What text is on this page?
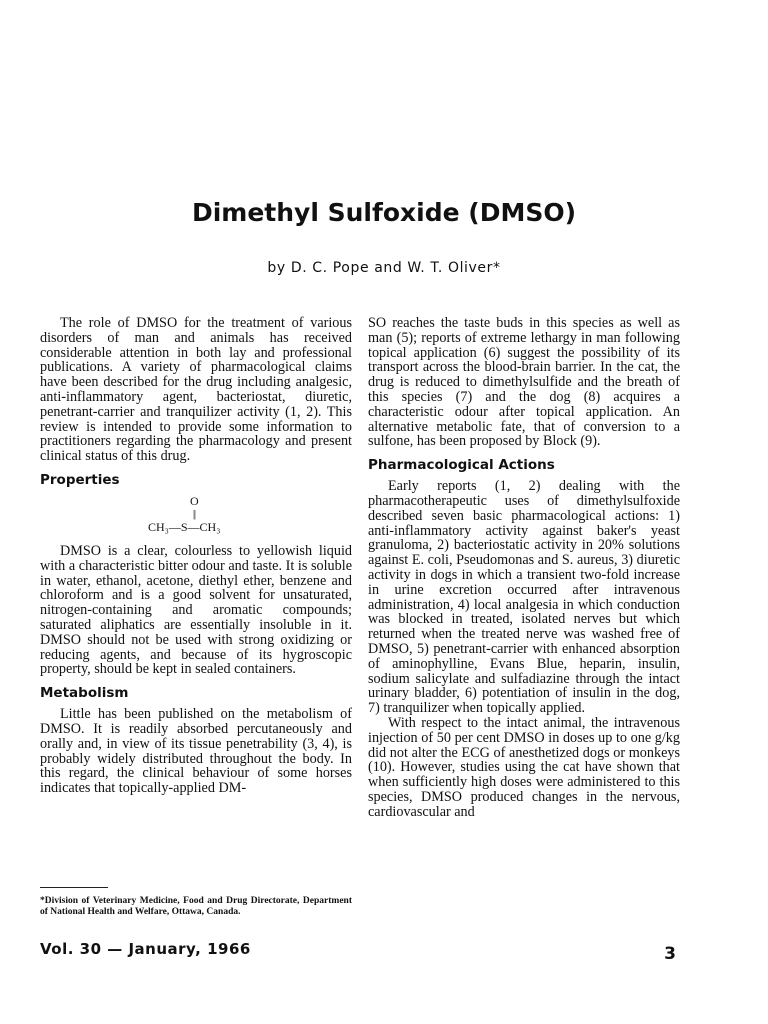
Dimethyl Sulfoxide (DMSO)
by D. C. Pope and W. T. Oliver*

The role of DMSO for the treatment of various disorders of man and animals has received considerable attention in both lay and professional publications. A variety of pharmacological claims have been described for the drug including analgesic, anti-inflammatory agent, bacteriostat, diuretic, penetrant-carrier and tranquilizer activity (1, 2). This review is intended to provide some information to practitioners regarding the pharmacology and present clinical status of this drug.

Properties
O
||
CH₃—S—CH₃

DMSO is a clear, colourless to yellowish liquid with a characteristic bitter odour and taste. It is soluble in water, ethanol, acetone, diethyl ether, benzene and chloroform and is a good solvent for unsaturated, nitrogen-containing and aromatic compounds; saturated aliphatics are essentially insoluble in it. DMSO should not be used with strong oxidizing or reducing agents, and because of its hygroscopic property, should be kept in sealed containers.

Metabolism

Little has been published on the metabolism of DMSO. It is readily absorbed percutaneously and orally and, in view of its tissue penetrability (3, 4), is probably widely distributed throughout the body. In this regard, the clinical behaviour of some horses indicates that topically-applied DM-

SO reaches the taste buds in this species as well as man (5); reports of extreme lethargy in man following topical application (6) suggest the possibility of its transport across the blood-brain barrier. In the cat, the drug is reduced to dimethylsulfide and the breath of this species (7) and the dog (8) acquires a characteristic odour after topical application. An alternative metabolic fate, that of conversion to a sulfone, has been proposed by Block (9).

Pharmacological Actions

Early reports (1, 2) dealing with the pharmacotherapeutic uses of dimethylsulfoxide described seven basic pharmacological actions: 1) anti-inflammatory activity against baker's yeast granuloma, 2) bacteriostatic activity in 20% solutions against E. coli, Pseudomonas and S. aureus, 3) diuretic activity in dogs in which a transient two-fold increase in urine excretion occurred after intravenous administration, 4) local analgesia in which conduction was blocked in treated, isolated nerves but which returned when the treated nerve was washed free of DMSO, 5) penetrant-carrier with enhanced absorption of aminophylline, Evans Blue, heparin, insulin, sodium salicylate and sulfadiazine through the intact urinary bladder, 6) potentiation of insulin in the dog, 7) tranquilizer when topically applied.

With respect to the intact animal, the intravenous injection of 50 per cent DMSO in doses up to one g/kg did not alter the ECG of anesthetized dogs or monkeys (10). However, studies using the cat have shown that when sufficiently high doses were administered to this species, DMSO produced changes in the nervous, cardiovascular and

*Division of Veterinary Medicine, Food and Drug Directorate, Department of National Health and Welfare, Ottawa, Canada.
Vol. 30 — January, 1966	3
